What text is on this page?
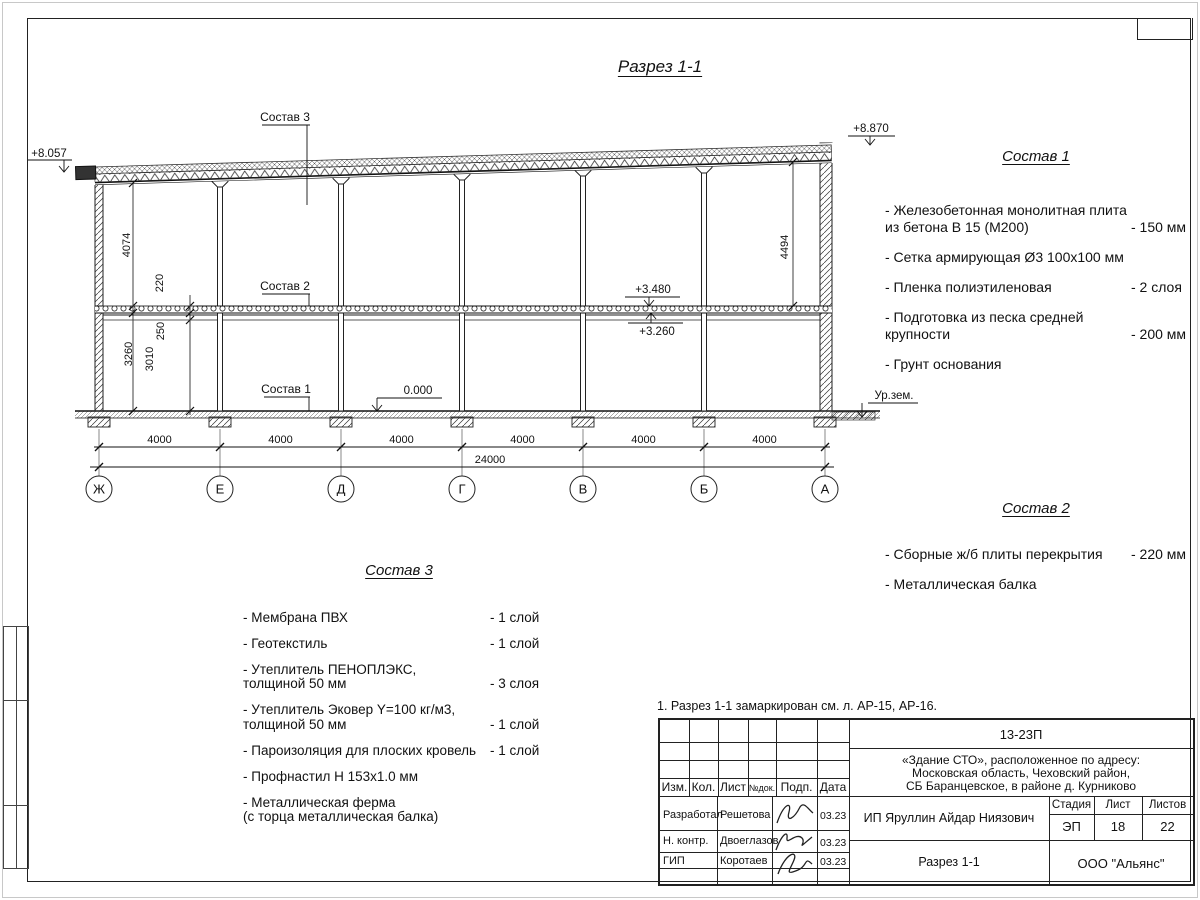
Разрез 1-1
4000	4000	4000	4000	4000	4000
24000
Ж	Е	Д	Г	В	Б	А
4074
3260
220
250
3010
4494
+8.057
+8.870
+3.480
+3.260
0.000	Ур.зем.
Состав 3
Состав 2
Состав 1
Состав 1
- Железобетонная монолитная плита
из бетона В 15 (М200)	- 150 мм
- Сетка армирующая Ø3 100х100 мм
- Пленка полиэтиленовая	- 2 слоя
- Подготовка из песка средней
крупности	- 200 мм
- Грунт основания
Состав 2
- Сборные ж/б плиты перекрытия	- 220 мм
- Металлическая балка
Состав 3
- Мембрана ПВХ	- 1 слой
- Геотекстиль	- 1 слой
- Утеплитель ПЕНОПЛЭКС,
толщиной 50 мм	- 3 слоя
- Утеплитель Эковер Y=100 кг/м3,
толщиной 50 мм	- 1 слой
- Пароизоляция для плоских кровель	- 1 слой
- Профнастил Н 153х1.0 мм
- Металлическая ферма
(с торца металлическая балка)
1. Разрез 1-1 замаркирован см. л. АР-15, АР-16.
Изм. Кол. Лист №док. Подп. Дата
Разработал
Решетова	03.23
Н. контр. Двоеглазов	03.23
ГИП	Коротаев	03.23
13-23П
«Здание СТО», расположенное по адресу:
Московская область, Чеховский район,
СБ Баранцевское, в районе д. Курниково
ИП Яруллин Айдар Ниязович
Разрез 1-1
Стадия	Лист	Листов
ЭП	18	22
ООО "Альянс"
